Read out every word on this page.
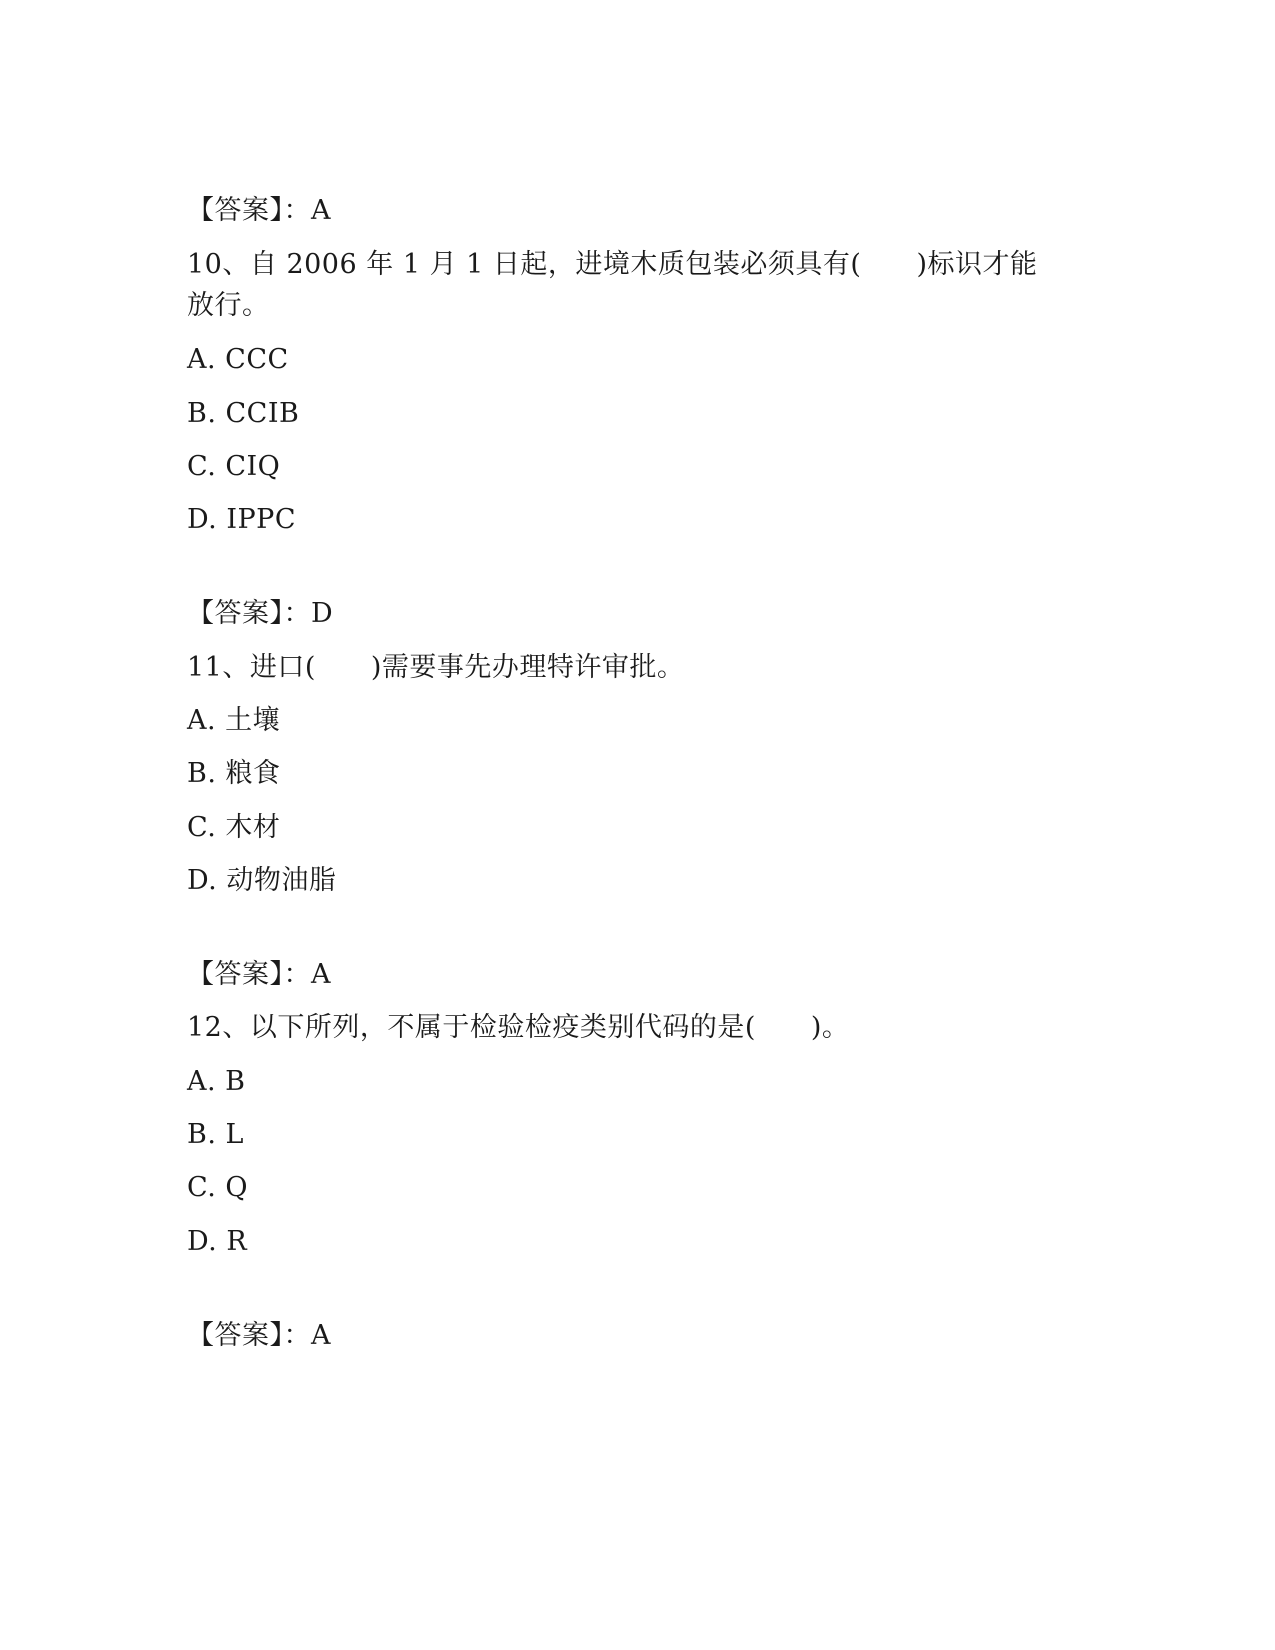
【答案】：A
10、自 2006 年 1 月 1 日起，进境木质包装必须具有(　　)标识才能
放行。
A. CCC
B. CCIB
C. CIQ
D. IPPC
【答案】：D
11、进口(　　)需要事先办理特许审批。
A. 土壤
B. 粮食
C. 木材
D. 动物油脂
【答案】：A
12、以下所列，不属于检验检疫类别代码的是(　　)。
A. B
B. L
C. Q
D. R
【答案】：A
